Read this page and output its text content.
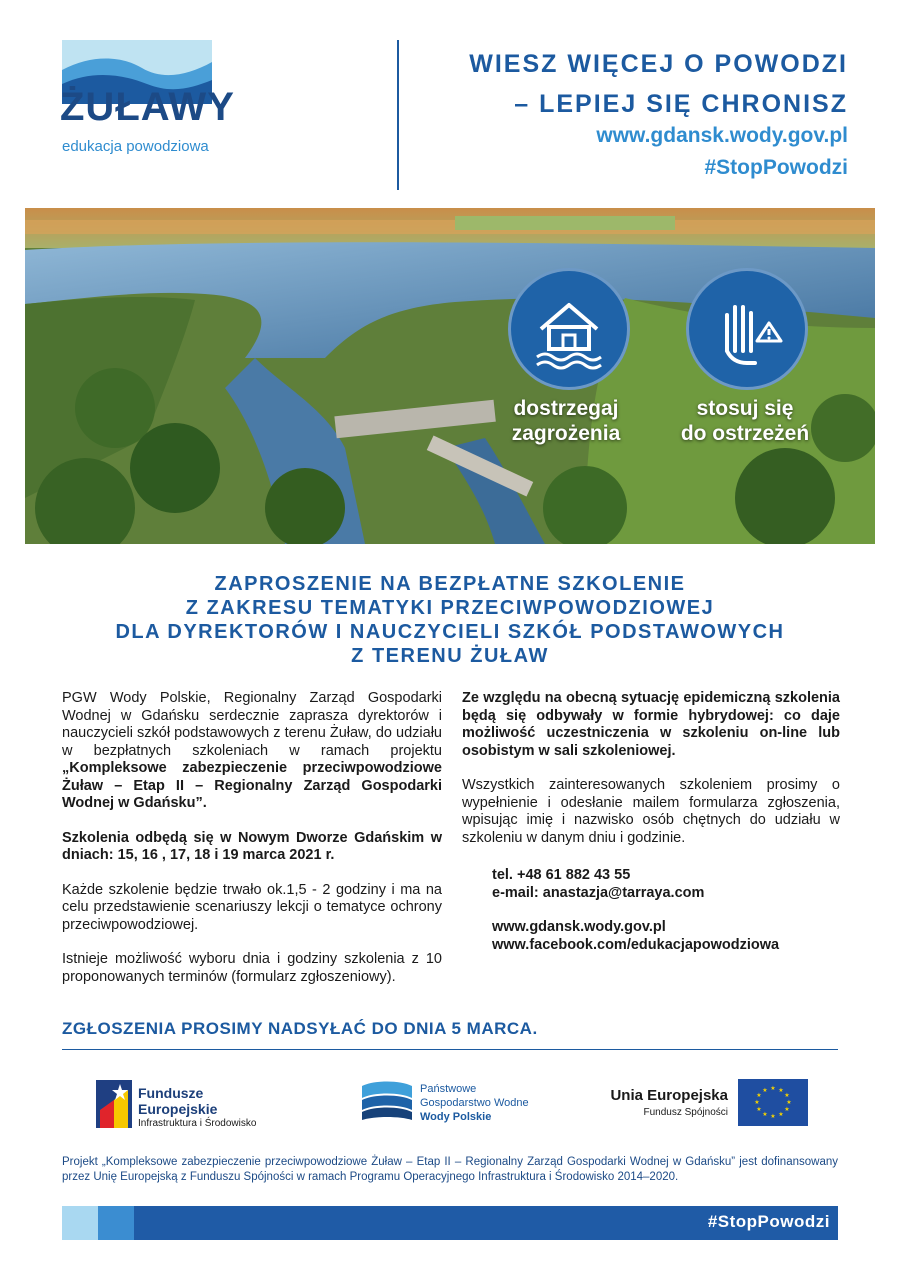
ŻUŁAWY
edukacja powodziowa
WIESZ WIĘCEJ O POWODZI
– LEPIEJ SIĘ CHRONISZ
www.gdansk.wody.gov.pl
#StopPowodzi
dostrzegaj
zagrożenia
stosuj się
do ostrzeżeń
ZAPROSZENIE NA BEZPŁATNE SZKOLENIE
Z ZAKRESU TEMATYKI PRZECIWPOWODZIOWEJ
DLA DYREKTORÓW I NAUCZYCIELI SZKÓŁ PODSTAWOWYCH
Z TERENU ŻUŁAW

PGW Wody Polskie, Regionalny Zarząd Gospodarki Wodnej w Gdańsku serdecznie zaprasza dyrektorów i nauczycieli szkół podstawowych z terenu Żuław, do udziału w bezpłatnych szkoleniach w ramach projektu „Kompleksowe zabezpieczenie przeciwpowodziowe Żuław – Etap II – Regionalny Zarząd Gospodarki Wodnej w Gdańsku”.

Szkolenia odbędą się w Nowym Dworze Gdańskim w dniach: 15, 16 , 17, 18 i 19 marca 2021 r.

Każde szkolenie będzie trwało ok.1,5 - 2 godziny i ma na celu przedstawienie scenariuszy lekcji o tematyce ochrony przeciwpowodziowej.

Istnieje możliwość wyboru dnia i godziny szkolenia z 10 proponowanych terminów (formularz zgłoszeniowy).

Ze względu na obecną sytuację epidemiczną szkolenia będą się odbywały w formie hybrydowej: co daje możliwość uczestniczenia w szkoleniu on-line lub osobistym w sali szkoleniowej.

Wszystkich zainteresowanych szkoleniem prosimy o wypełnienie i odesłanie mailem formularza zgłoszenia, wpisując imię i nazwisko osób chętnych do udziału w szkoleniu w danym dniu i godzinie.

tel. +48 61 882 43 55
e-mail: anastazja@tarraya.com
www.gdansk.wody.gov.pl
www.facebook.com/edukacjapowodziowa
ZGŁOSZENIA PROSIMY NADSYŁAĆ DO DNIA 5 MARCA.
Fundusze
Europejskie
Infrastruktura i Środowisko
Państwowe
Gospodarstwo Wodne
Wody Polskie
Unia Europejska
Fundusz Spójności
★ ★
★
★
★
★
★
★
★
★
★
★
Projekt „Kompleksowe zabezpieczenie przeciwpowodziowe Żuław – Etap II – Regionalny Zarząd Gospodarki Wodnej w Gdańsku” jest dofinansowany przez Unię Europejską z Funduszu Spójności w ramach Programu Operacyjnego Infrastruktura i Środowisko 2014–2020.
#StopPowodzi
